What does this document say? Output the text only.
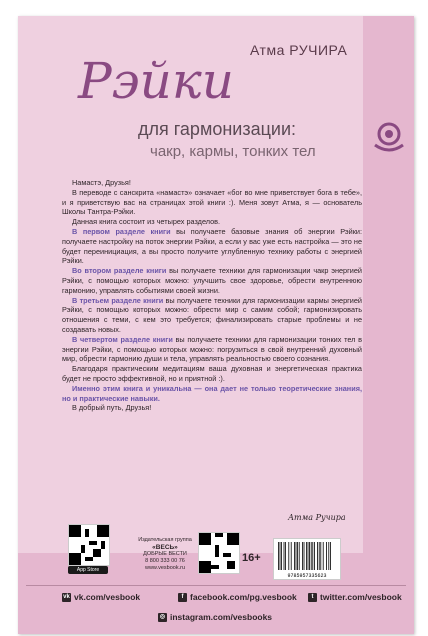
Атма РУЧИРА
Рэйки
для гармонизации:
чакр, кармы, тонких тел

Намастэ, Друзья!

В переводе с санскрита «намастэ» означает «бог во мне приветствует бога в тебе», и я приветствую вас на страницах этой книги :). Меня зовут Атма, я — основатель Школы Тантра-Рэйки.

Данная книга состоит из четырех разделов.

В первом разделе книги вы получаете базовые знания об энергии Рэйки: получаете настройку на поток энергии Рэйки, а если у вас уже есть настройка — это не будет переинициация, а вы просто получите углубленную технику работы с энергией Рэйки.

Во втором разделе книги вы получаете техники для гармонизации чакр энергией Рэйки, с помощью которых можно: улучшить свое здоровье, обрести внутреннюю гармонию, управлять событиями своей жизни.

В третьем разделе книги вы получаете техники для гармонизации кармы энергией Рэйки, с помощью которых можно: обрести мир с самим собой; гармонизировать отношения с теми, с кем это требуется; финализировать старые проблемы и не создавать новых.

В четвертом разделе книги вы получаете техники для гармонизации тонких тел в энергии Рэйки, с помощью которых можно: погрузиться в свой внутренний духовный мир, обрести гармонию души и тела, управлять реальностью своего сознания.

Благодаря практическим медитациям ваша духовная и энергетическая практика будет не просто эффективной, но и приятной :).

Именно этим книга и уникальна — она дает не только теоретические знания, но и практические навыки.

В добрый путь, Друзья!

Атма Ручира
App Store
Издательская группа
«ВЕСЬ»
ДОБРЫЕ ВЕСТИ
8 800 333 00 76
www.vesbook.ru
16+
9785957335623
vk vk.com/vesbook	f facebook.com/pg.vesbook	t twitter.com/vesbook
◎ instagram.com/vesbooks
